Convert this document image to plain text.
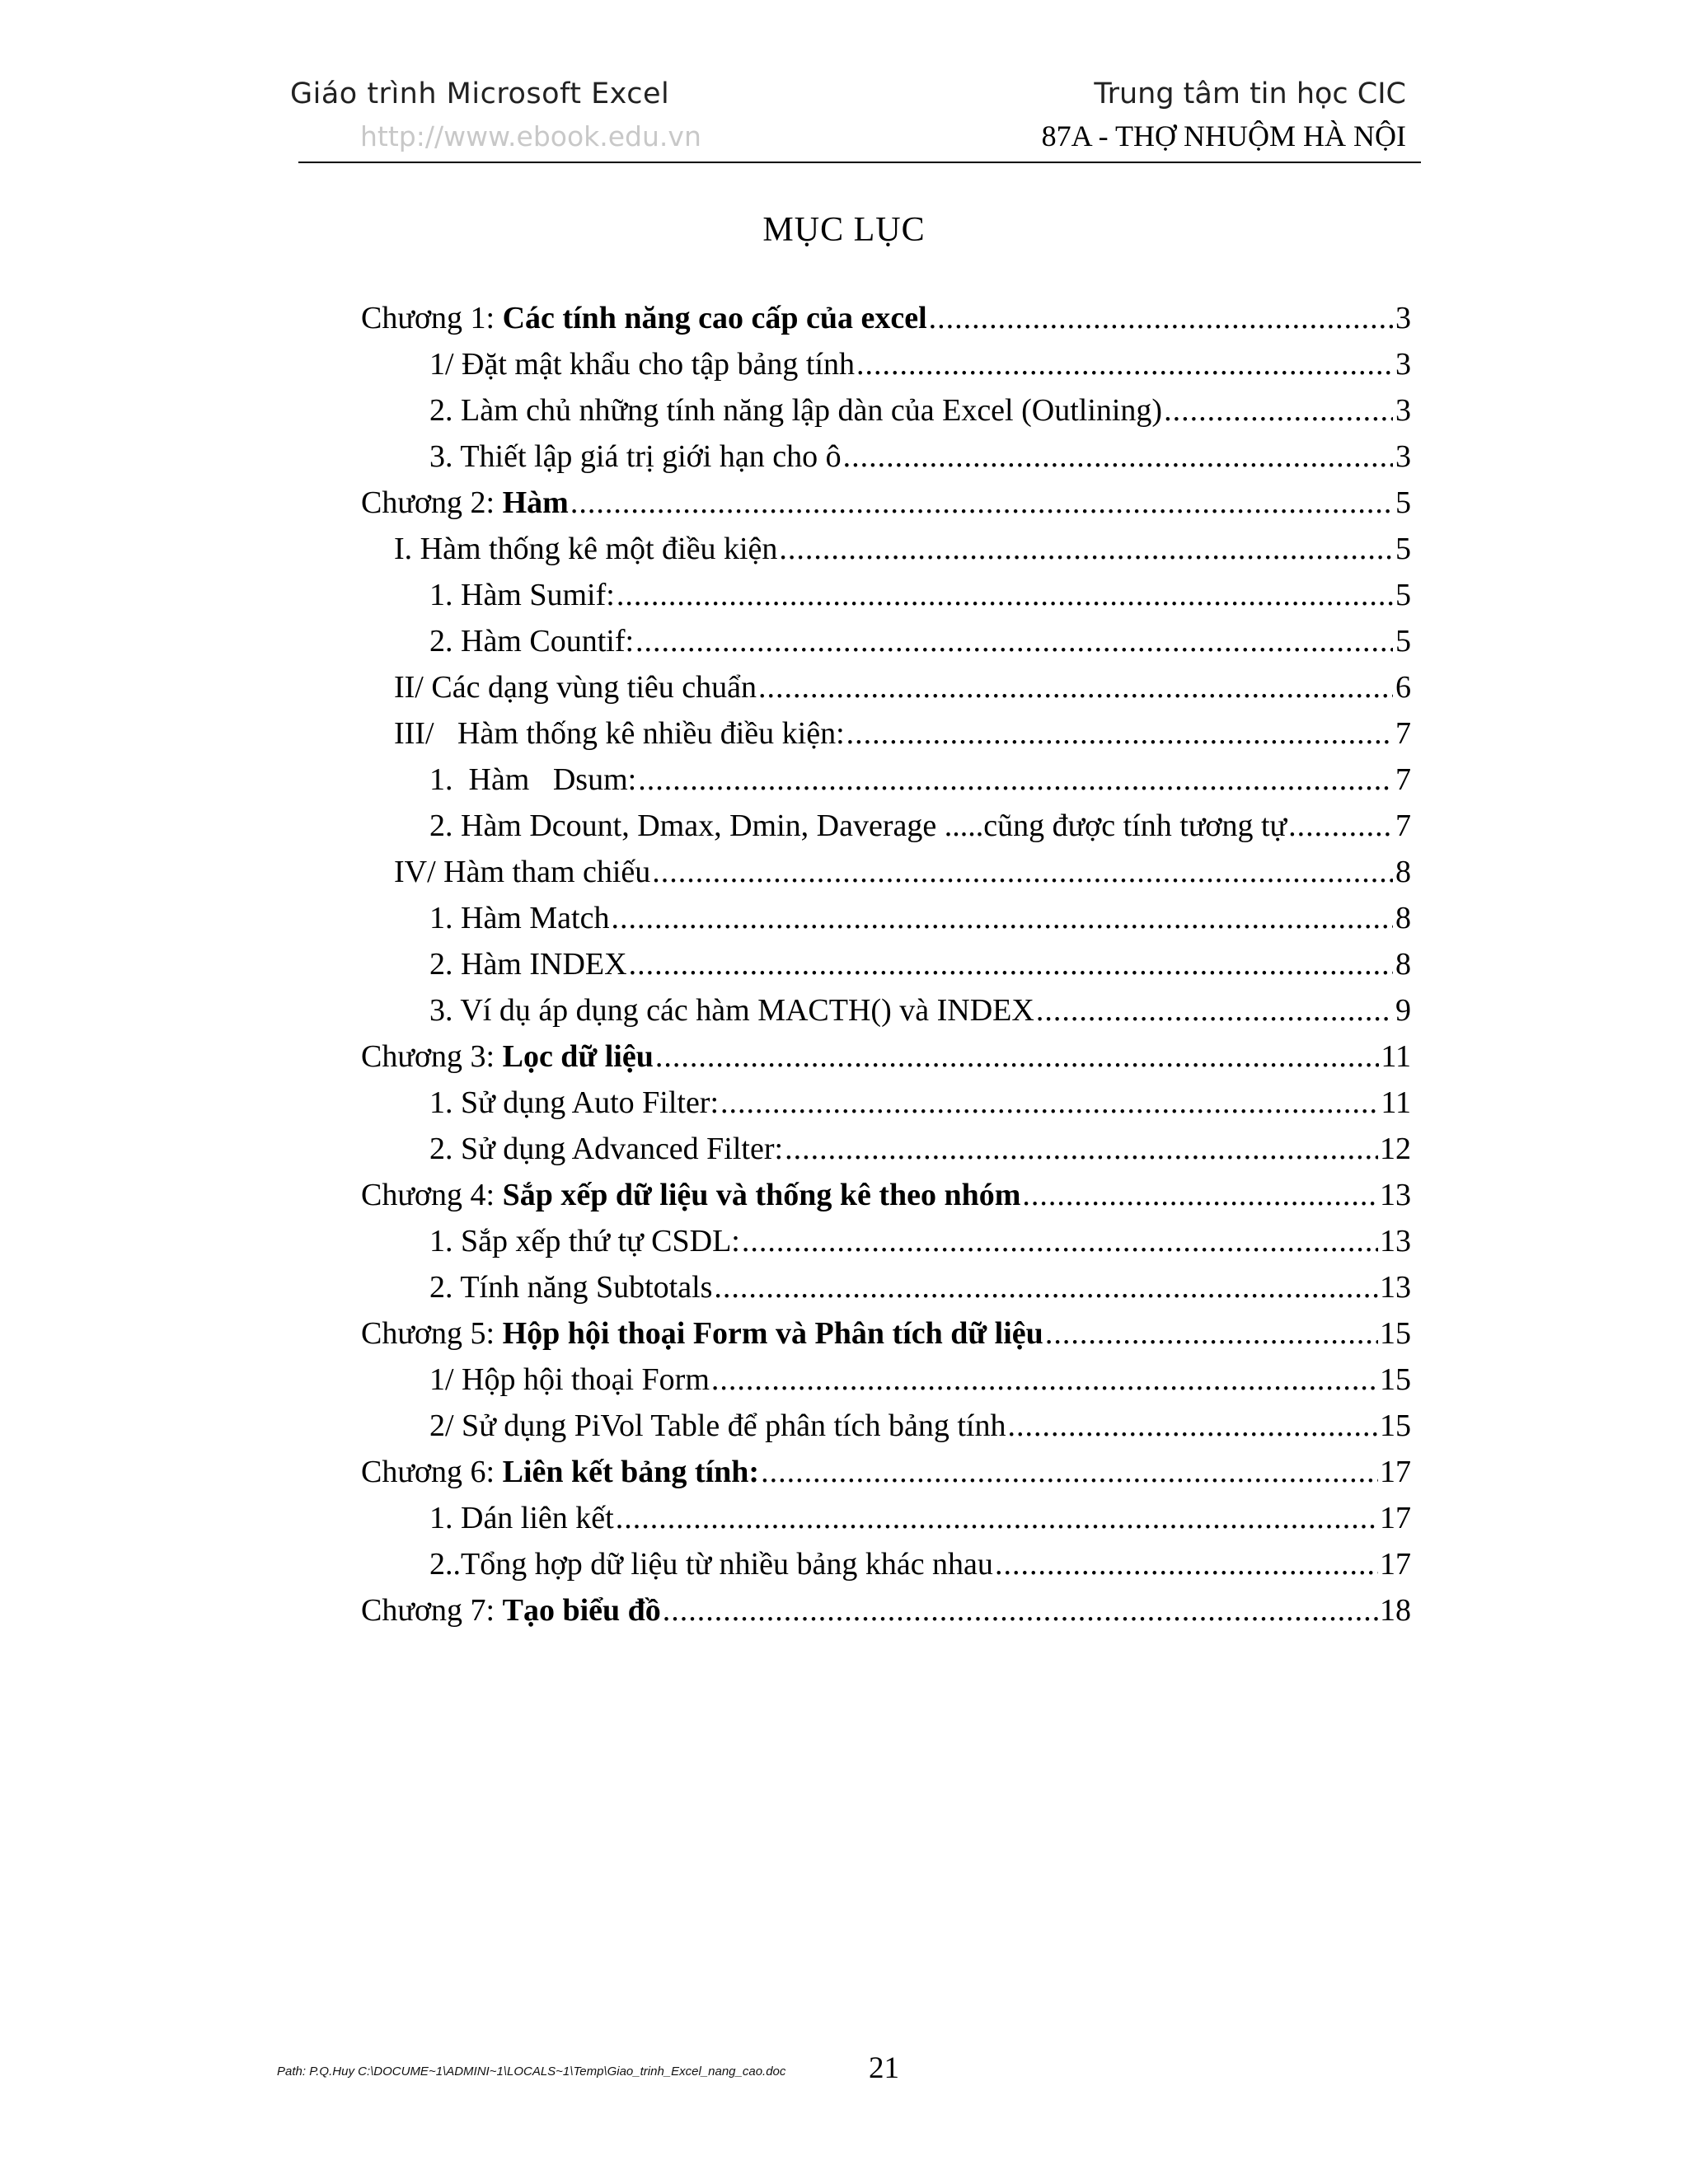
Giáo trình Microsoft Excel
http://www.ebook.edu.vn
Trung tâm tin học CIC
87A - THỢ NHUỘM HÀ NỘI
MỤC LỤC
Chương 1: Các tính năng cao cấp của excel .....	3
1/ Đặt mật khẩu cho tập bảng tính .....	3
2. Làm chủ những tính năng lập dàn của Excel (Outlining) .....	3
3. Thiết lập giá trị giới hạn cho ô .....	3
Chương 2: Hàm .....	5
I. Hàm thống kê một điều kiện .....	5
1. Hàm Sumif: .....	5
2. Hàm Countif: .....	5
II/ Các dạng vùng tiêu chuẩn .....	6
III/   Hàm thống kê nhiều điều kiện: .....	7
1.  Hàm   Dsum: .....	7
2. Hàm Dcount, Dmax, Dmin, Daverage .....cũng được tính tương tự .....	7
IV/ Hàm tham chiếu .....	8
1. Hàm Match .....	8
2. Hàm INDEX .....	8
3. Ví dụ áp dụng các hàm MACTH() và INDEX .....	9
Chương 3: Lọc dữ liệu .....	11
1. Sử dụng Auto Filter: .....	11
2. Sử dụng Advanced Filter: .....	12
Chương 4: Sắp xếp dữ liệu và thống kê theo nhóm .....	13
1. Sắp xếp thứ tự CSDL: .....	13
2. Tính năng Subtotals .....	13
Chương 5: Hộp hội thoại Form và Phân tích dữ liệu .....	15
1/ Hộp hội thoại Form .....	15
2/ Sử dụng PiVol Table để phân tích bảng tính .....	15
Chương 6: Liên kết bảng tính: .....	17
1. Dán liên kết .....	17
2..Tổng hợp dữ liệu từ nhiều bảng khác nhau .....	17
Chương 7: Tạo biểu đồ .....	18
Path: P.Q.Huy C:\DOCUME~1\ADMINI~1\LOCALS~1\Temp\Giao_trinh_Excel_nang_cao.doc	21
